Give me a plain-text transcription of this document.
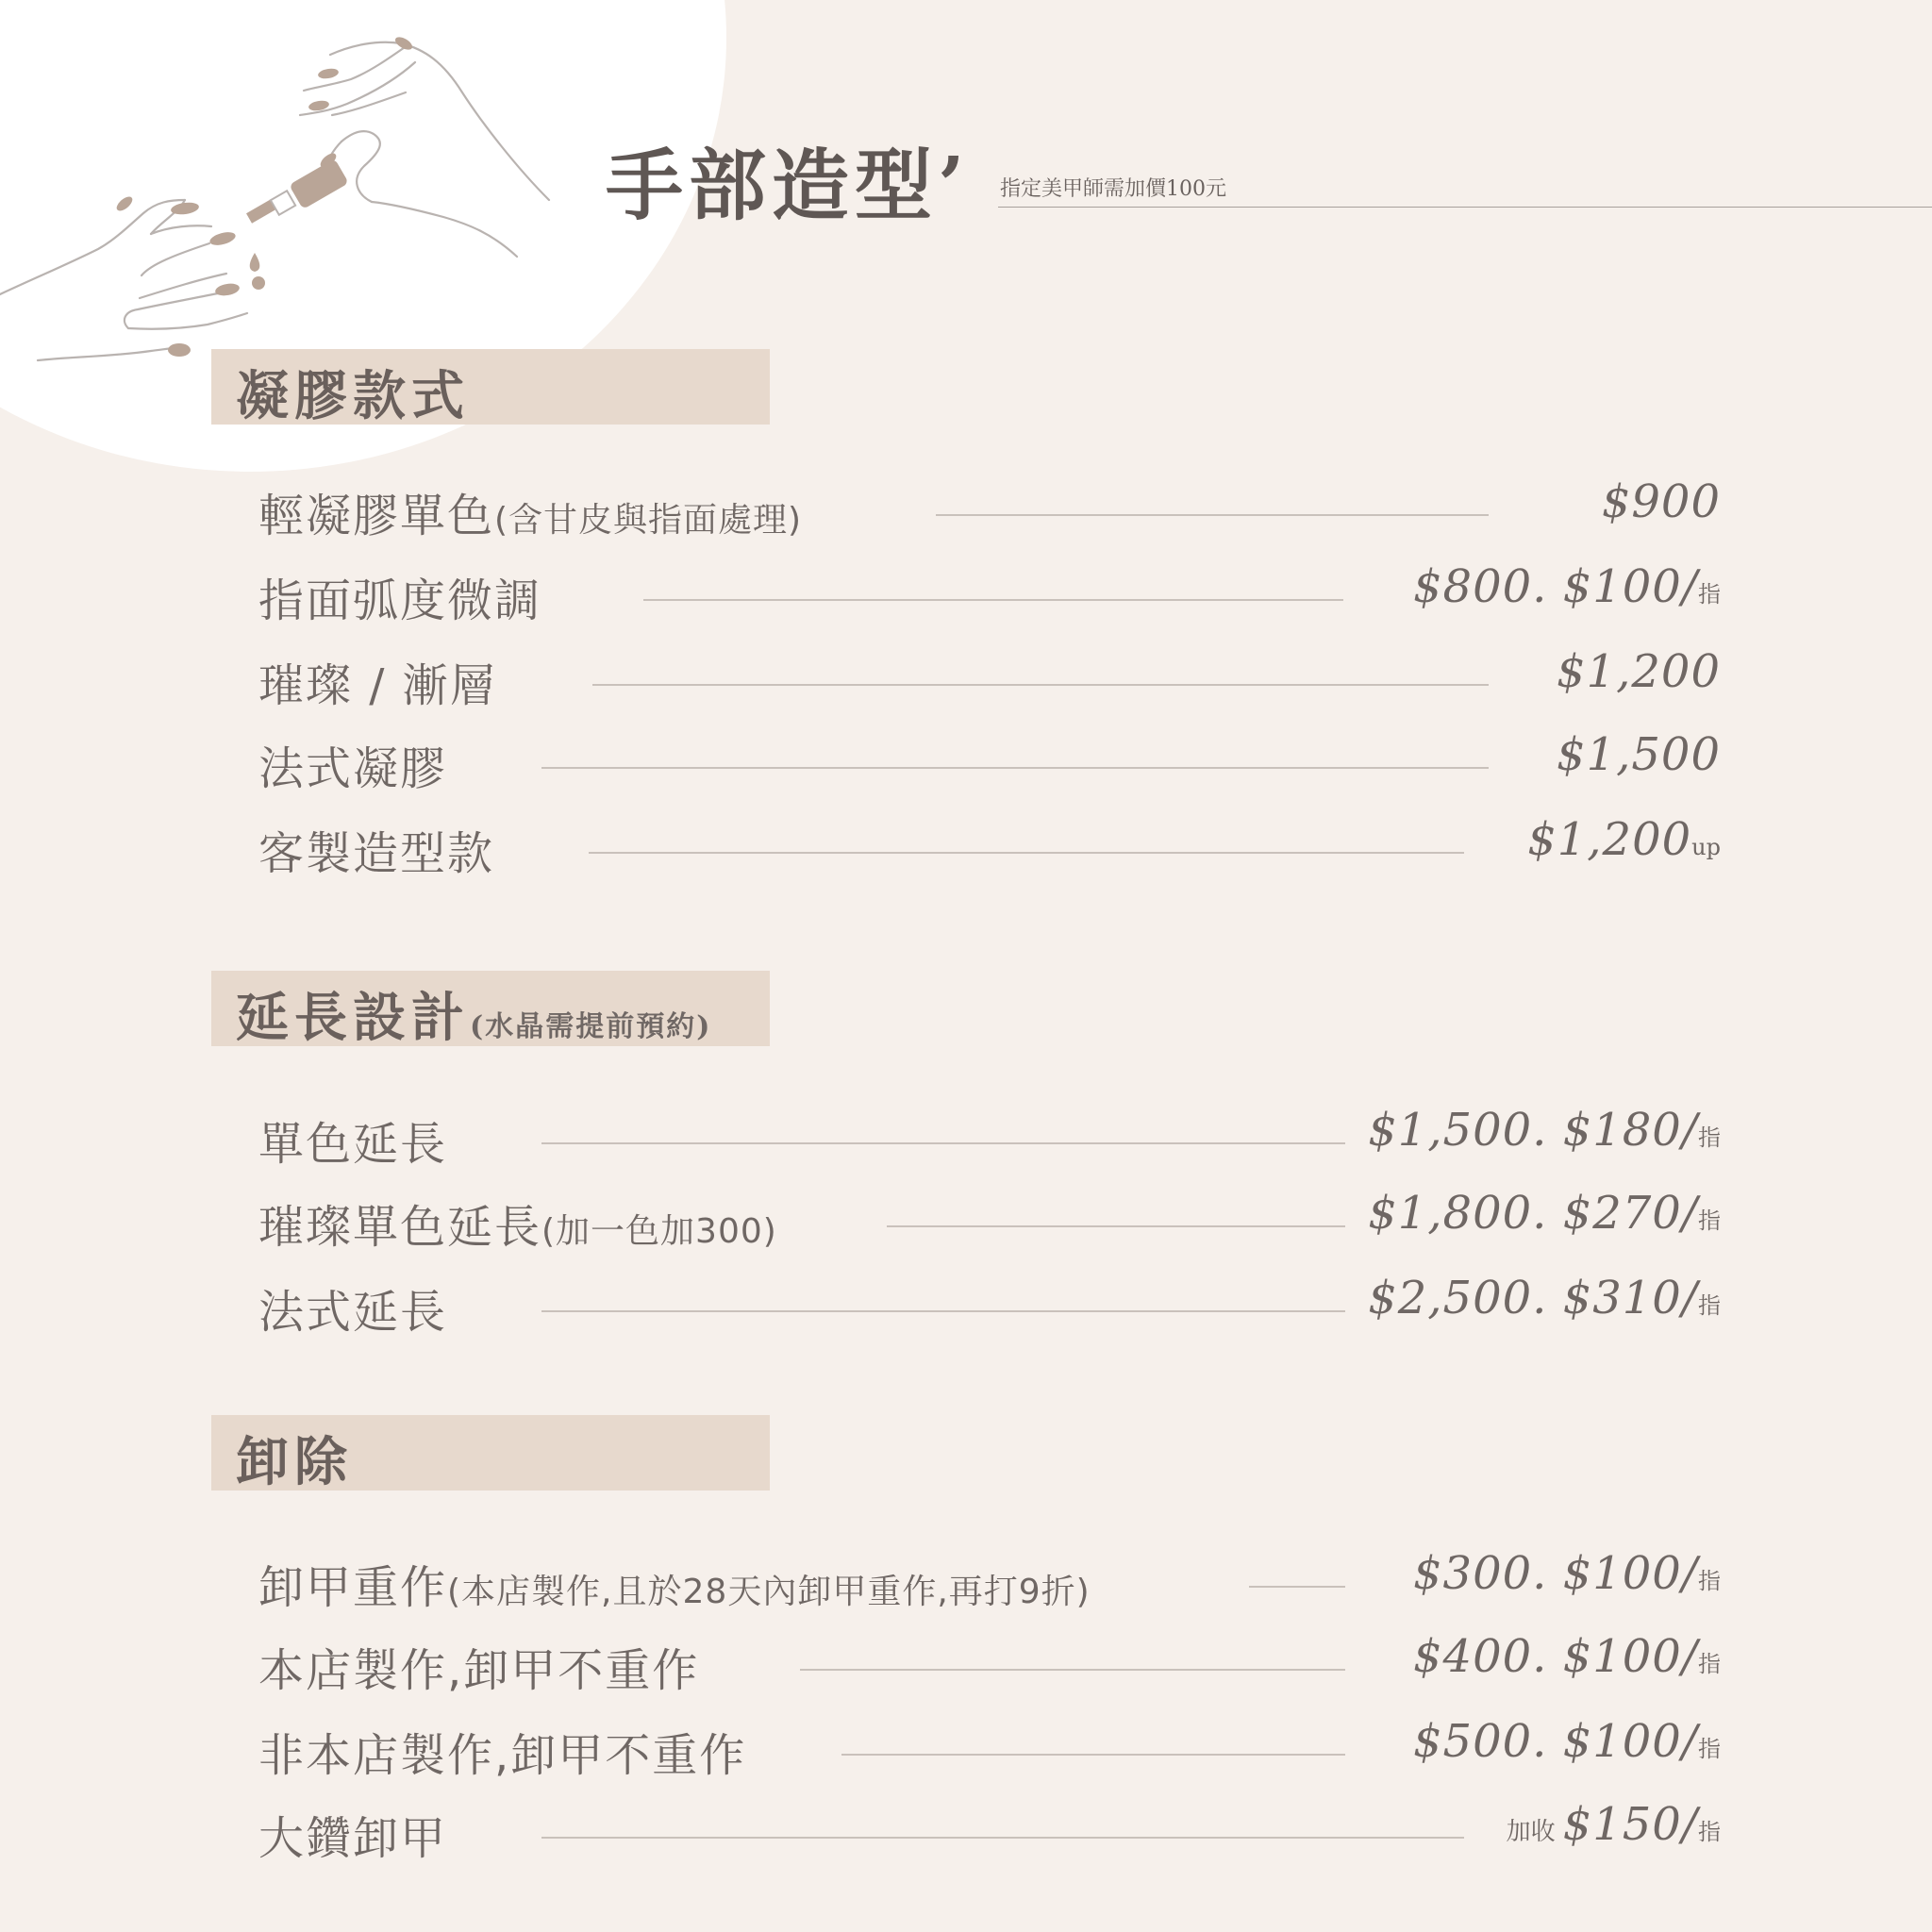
手部造型’ 指定美甲師需加價100元
凝膠款式
輕凝膠單色(含甘皮與指面處理)	$900
指面弧度微調	$800. $100/指
璀璨 / 漸層	$1,200
法式凝膠	$1,500
客製造型款	$1,200up
延長設計(水晶需提前預約)
單色延長	$1,500. $180/指
璀璨單色延長(加一色加300)	$1,800. $270/指
法式延長	$2,500. $310/指
卸除
卸甲重作(本店製作,且於28天內卸甲重作,再打9折)	$300. $100/指
本店製作,卸甲不重作	$400. $100/指
非本店製作,卸甲不重作	$500. $100/指
大鑽卸甲	加收 $150/指
